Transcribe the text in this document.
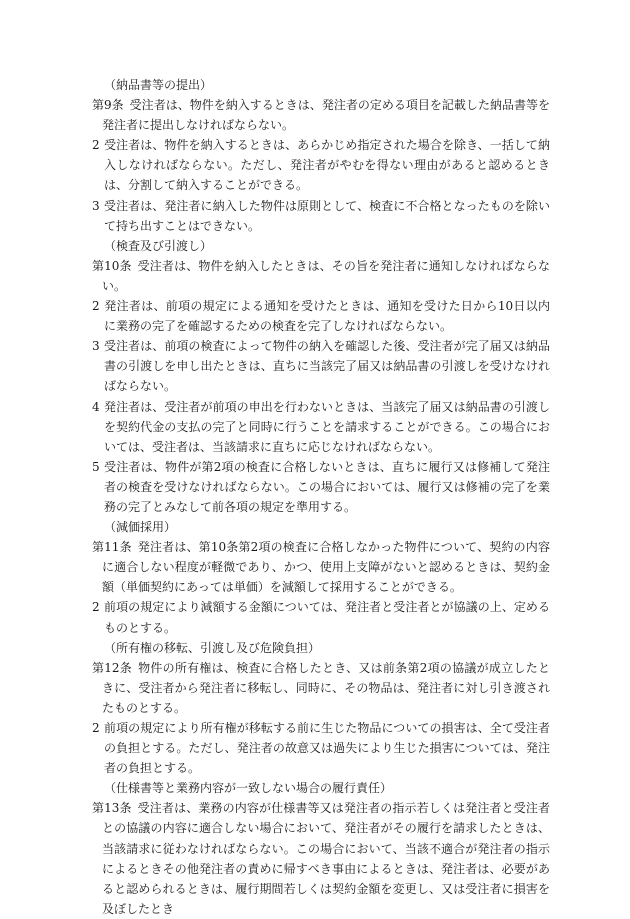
（納品書等の提出）

第9条 受注者は、物件を納入するときは、発注者の定める項目を記載した納品書等を発注者に提出しなければならない。

2 受注者は、物件を納入するときは、あらかじめ指定された場合を除き、一括して納入しなければならない。ただし、発注者がやむを得ない理由があると認めるときは、分割して納入することができる。

3 受注者は、発注者に納入した物件は原則として、検査に不合格となったものを除いて持ち出すことはできない。

（検査及び引渡し）

第10条 受注者は、物件を納入したときは、その旨を発注者に通知しなければならない。

2 発注者は、前項の規定による通知を受けたときは、通知を受けた日から10日以内に業務の完了を確認するための検査を完了しなければならない。

3 受注者は、前項の検査によって物件の納入を確認した後、受注者が完了届又は納品書の引渡しを申し出たときは、直ちに当該完了届又は納品書の引渡しを受けなければならない。

4 発注者は、受注者が前項の申出を行わないときは、当該完了届又は納品書の引渡しを契約代金の支払の完了と同時に行うことを請求することができる。この場合においては、受注者は、当該請求に直ちに応じなければならない。

5 受注者は、物件が第2項の検査に合格しないときは、直ちに履行又は修補して発注者の検査を受けなければならない。この場合においては、履行又は修補の完了を業務の完了とみなして前各項の規定を準用する。

（減価採用）

第11条 発注者は、第10条第2項の検査に合格しなかった物件について、契約の内容に適合しない程度が軽微であり、かつ、使用上支障がないと認めるときは、契約金額（単価契約にあっては単価）を減額して採用することができる。

2 前項の規定により減額する金額については、発注者と受注者とが協議の上、定めるものとする。

（所有権の移転、引渡し及び危険負担）

第12条 物件の所有権は、検査に合格したとき、又は前条第2項の協議が成立したときに、受注者から発注者に移転し、同時に、その物品は、発注者に対し引き渡されたものとする。

2 前項の規定により所有権が移転する前に生じた物品についての損害は、全て受注者の負担とする。ただし、発注者の故意又は過失により生じた損害については、発注者の負担とする。

（仕様書等と業務内容が一致しない場合の履行責任）

第13条 受注者は、業務の内容が仕様書等又は発注者の指示若しくは発注者と受注者との協議の内容に適合しない場合において、発注者がその履行を請求したときは、当該請求に従わなければならない。この場合において、当該不適合が発注者の指示によるときその他発注者の責めに帰すべき事由によるときは、発注者は、必要があると認められるときは、履行期間若しくは契約金額を変更し、又は受注者に損害を及ぼしたとき
